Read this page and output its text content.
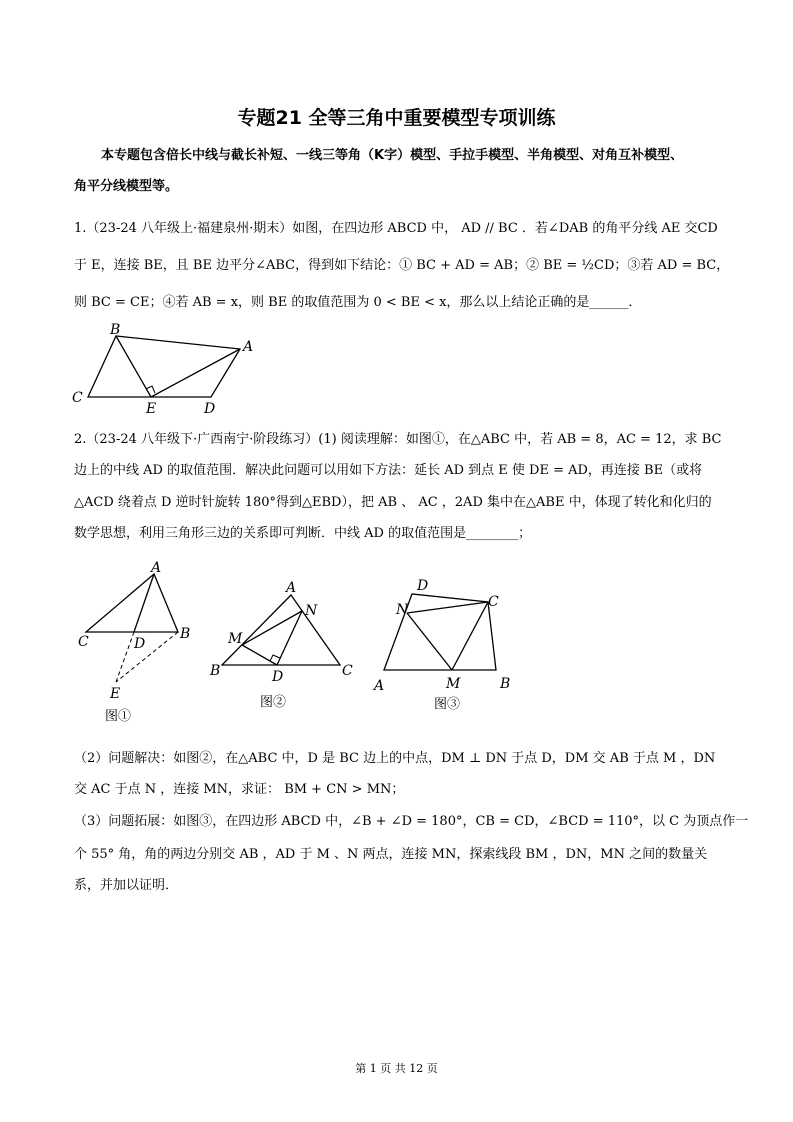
专题21 全等三角中重要模型专项训练
本专题包含倍长中线与截长补短、一线三等角（K字）模型、手拉手模型、半角模型、对角互补模型、
角平分线模型等。
1.（23-24 八年级上·福建泉州·期末）如图，在四边形 ABCD 中， AD // BC ．若∠DAB 的角平分线 AE 交CD
于 E，连接 BE，且 BE 边平分∠ABC，得到如下结论：① BC + AD = AB；② BE = ½CD；③若 AD = BC，
则 BC = CE；④若 AB = x，则 BE 的取值范围为 0 < BE < x，那么以上结论正确的是______．
B
A
C
E	D
2.（23-24 八年级下·广西南宁·阶段练习）(1) 阅读理解：如图①，在△ABC 中，若 AB = 8，AC = 12，求 BC
边上的中线 AD 的取值范围．解决此问题可以用如下方法：延长 AD 到点 E 使 DE = AD，再连接 BE（或将
△ACD 绕着点 D 逆时针旋转 180°得到△EBD），把 AB 、 AC ，2AD 集中在△ABE 中，体现了转化和化归的
数学思想，利用三角形三边的关系即可判断．中线 AD 的取值范围是________；
A
C	D
B
E
图①
A
N
M
B	D	C
图②
D
C
N
A	M	B
图③
（2）问题解决：如图②，在△ABC 中，D 是 BC 边上的中点，DM ⊥ DN 于点 D，DM 交 AB 于点 M ，DN
交 AC 于点 N ，连接 MN，求证： BM + CN > MN；
（3）问题拓展：如图③，在四边形 ABCD 中，∠B + ∠D = 180°，CB = CD，∠BCD = 110°，以 C 为顶点作一
个 55° 角，角的两边分别交 AB ，AD 于 M 、N 两点，连接 MN，探索线段 BM ，DN，MN 之间的数量关
系，并加以证明．
第 1 页 共 12 页
